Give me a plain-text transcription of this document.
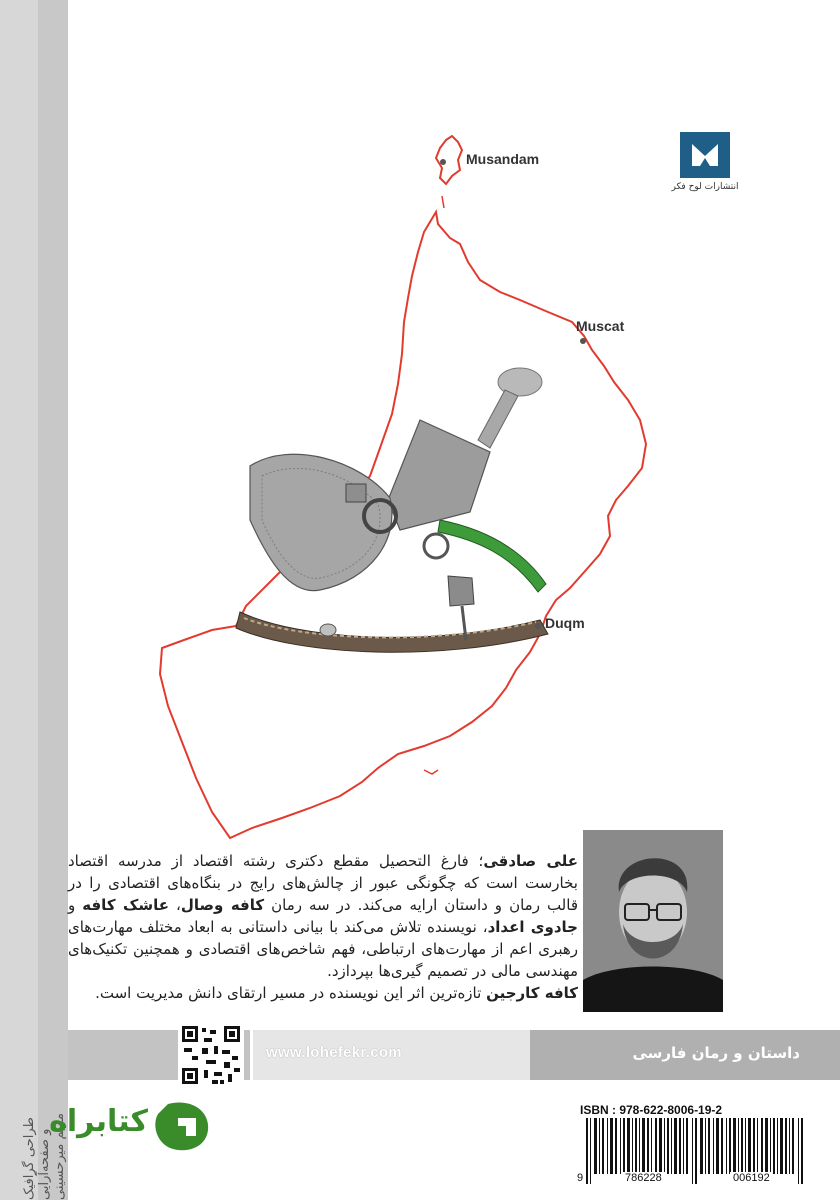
طراحی گرافیک و صفحه‌آرایی
مریم میرحسینی
Musandam
Muscat
Duqm
انتشارات لوح فکر
علی صادقی؛ فارغ التحصیل مقطع دکتری رشته اقتصاد از مدرسه اقتصاد بخارست است که چگونگی عبور از چالش‌های رایج در بنگاه‌های اقتصادی را در قالب رمان و داستان ارایه می‌کند. در سه رمان کافه وصال، عاشک کافه و جادوی اعداد، نویسنده تلاش می‌کند با بیانی داستانی به ابعاد مختلف مهارت‌های رهبری اعم از مهارت‌های ارتباطی، فهم شاخص‌های اقتصادی و همچنین تکنیک‌های مهندسی مالی در تصمیم گیری‌ها بپردازد.
کافه کارجین تازه‌ترین اثر این نویسنده در مسیر ارتقای دانش مدیریت است.
www.lohefekr.com	داستان و رمان فارسی
ISBN : 978-622-8006-19-2
9	786228	006192
کتابراه
